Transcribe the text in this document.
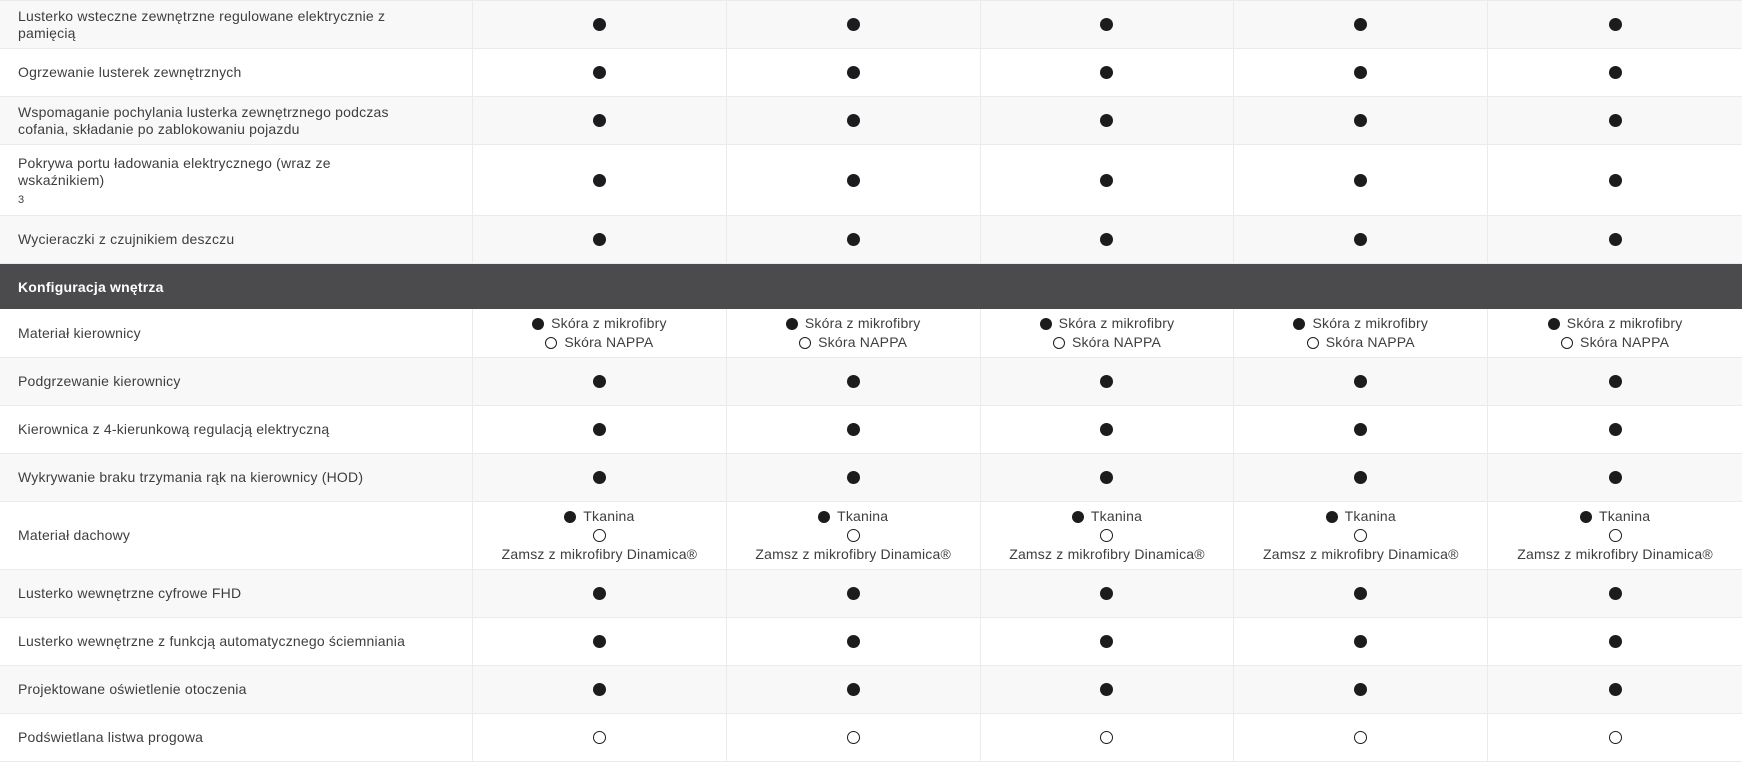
Lusterko wsteczne zewnętrzne regulowane elektrycznie z pamięcią
Ogrzewanie lusterek zewnętrznych
Wspomaganie pochylania lusterka zewnętrznego podczas cofania, składanie po zablokowaniu pojazdu
Pokrywa portu ładowania elektrycznego (wraz ze wskaźnikiem)
3
Wycieraczki z czujnikiem deszczu
Konfiguracja wnętrza
Materiał kierownicy
Skóra z mikrofibry
Skóra NAPPA
Skóra z mikrofibry
Skóra NAPPA
Skóra z mikrofibry
Skóra NAPPA
Skóra z mikrofibry
Skóra NAPPA
Skóra z mikrofibry
Skóra NAPPA
Podgrzewanie kierownicy
Kierownica z 4-kierunkową regulacją elektryczną
Wykrywanie braku trzymania rąk na kierownicy (HOD)
Materiał dachowy
Tkanina
Zamsz z mikrofibry Dinamica®
Tkanina
Zamsz z mikrofibry Dinamica®
Tkanina
Zamsz z mikrofibry Dinamica®
Tkanina
Zamsz z mikrofibry Dinamica®
Tkanina
Zamsz z mikrofibry Dinamica®
Lusterko wewnętrzne cyfrowe FHD
Lusterko wewnętrzne z funkcją automatycznego ściemniania
Projektowane oświetlenie otoczenia
Podświetlana listwa progowa
